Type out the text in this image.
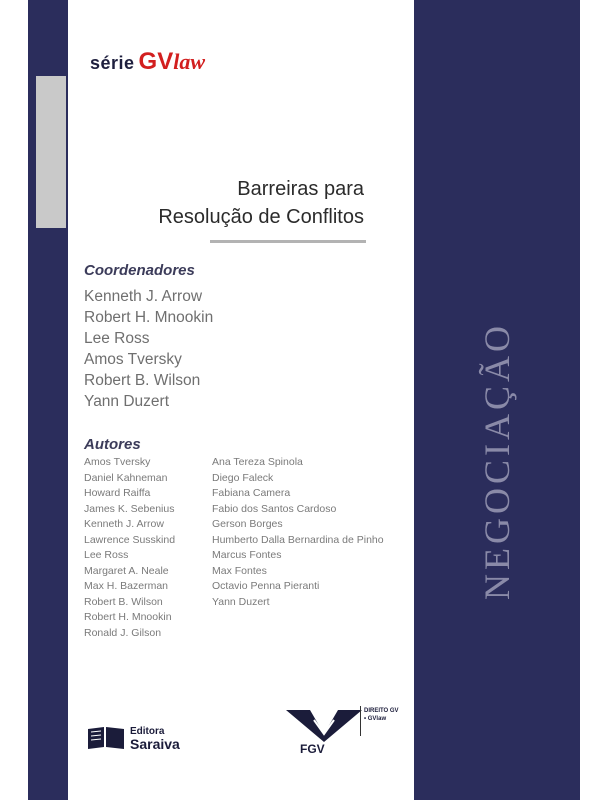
série GV law
Barreiras para
Resolução de Conflitos
Coordenadores
Kenneth J. Arrow
Robert H. Mnookin
Lee Ross
Amos Tversky
Robert B. Wilson
Yann Duzert
Autores
Amos Tversky
Daniel Kahneman
Howard Raiffa
James K. Sebenius
Kenneth J. Arrow
Lawrence Susskind
Lee Ross
Margaret A. Neale
Max H. Bazerman
Robert B. Wilson
Robert H. Mnookin
Ronald J. Gilson
Ana Tereza Spinola
Diego Faleck
Fabiana Camera
Fabio dos Santos Cardoso
Gerson Borges
Humberto Dalla Bernardina de Pinho
Marcus Fontes
Max Fontes
Octavio Penna Pieranti
Yann Duzert
NEGOCIAÇÃO
Editora
Saraiva	FGV
DIREITO GV
• GVlaw
